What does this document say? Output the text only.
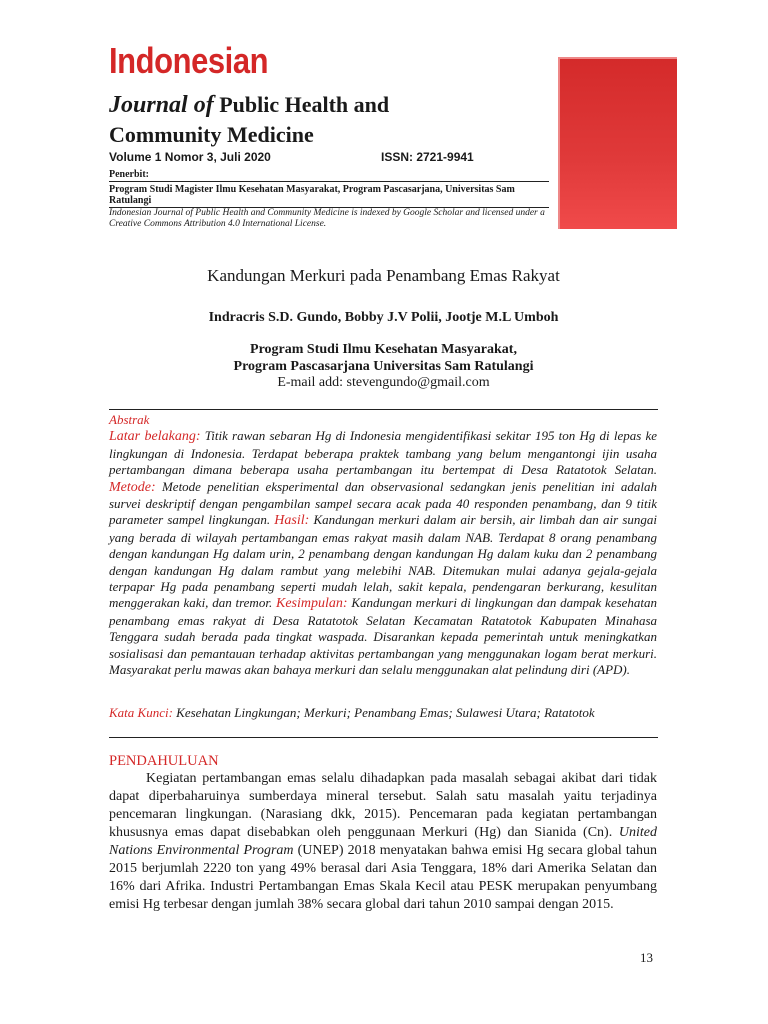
Indonesian
Journal of Public Health and
Community Medicine
Volume 1 Nomor 3, Juli 2020	ISSN: 2721-9941
Penerbit:
Program Studi Magister Ilmu Kesehatan Masyarakat, Program Pascasarjana, Universitas Sam Ratulangi
Indonesian Journal of Public Health and Community Medicine is indexed by Google Scholar and licensed under a Creative Commons Attribution 4.0 International License.
Kandungan Merkuri pada Penambang Emas Rakyat
Indracris S.D. Gundo, Bobby J.V Polii, Jootje M.L Umboh
Program Studi Ilmu Kesehatan Masyarakat,
Program Pascasarjana Universitas Sam Ratulangi
E-mail add: stevengundo@gmail.com
Abstrak
Latar belakang: Titik rawan sebaran Hg di Indonesia mengidentifikasi sekitar 195 ton Hg di lepas ke lingkungan di Indonesia. Terdapat beberapa praktek tambang yang belum mengantongi ijin usaha pertambangan dimana beberapa usaha pertambangan itu bertempat di Desa Ratatotok Selatan. Metode: Metode penelitian eksperimental dan observasional sedangkan jenis penelitian ini adalah survei deskriptif dengan pengambilan sampel secara acak pada 40 responden penambang, dan 9 titik parameter sampel lingkungan. Hasil: Kandungan merkuri dalam air bersih, air limbah dan air sungai yang berada di wilayah pertambangan emas rakyat masih dalam NAB. Terdapat 8 orang penambang dengan kandungan Hg dalam urin, 2 penambang dengan kandungan Hg dalam kuku dan 2 penambang dengan kandungan Hg dalam rambut yang melebihi NAB. Ditemukan mulai adanya gejala-gejala terpapar Hg pada penambang seperti mudah lelah, sakit kepala, pendengaran berkurang, kesulitan menggerakan kaki, dan tremor. Kesimpulan: Kandungan merkuri di lingkungan dan dampak kesehatan penambang emas rakyat di Desa Ratatotok Selatan Kecamatan Ratatotok Kabupaten Minahasa Tenggara sudah berada pada tingkat waspada. Disarankan kepada pemerintah untuk meningkatkan sosialisasi dan pemantauan terhadap aktivitas pertambangan yang menggunakan logam berat merkuri. Masyarakat perlu mawas akan bahaya merkuri dan selalu menggunakan alat pelindung diri (APD).
Kata Kunci: Kesehatan Lingkungan; Merkuri; Penambang Emas; Sulawesi Utara; Ratatotok
PENDAHULUAN

Kegiatan pertambangan emas selalu dihadapkan pada masalah sebagai akibat dari tidak dapat diperbaharuinya sumberdaya mineral tersebut. Salah satu masalah yaitu terjadinya pencemaran lingkungan. (Narasiang dkk, 2015). Pencemaran pada kegiatan pertambangan khususnya emas dapat disebabkan oleh penggunaan Merkuri (Hg) dan Sianida (Cn). United Nations Environmental Program (UNEP) 2018 menyatakan bahwa emisi Hg secara global tahun 2015 berjumlah 2220 ton yang 49% berasal dari Asia Tenggara, 18% dari Amerika Selatan dan 16% dari Afrika. Industri Pertambangan Emas Skala Kecil atau PESK merupakan penyumbang emisi Hg terbesar dengan jumlah 38% secara global dari tahun 2010 sampai dengan 2015.

13
